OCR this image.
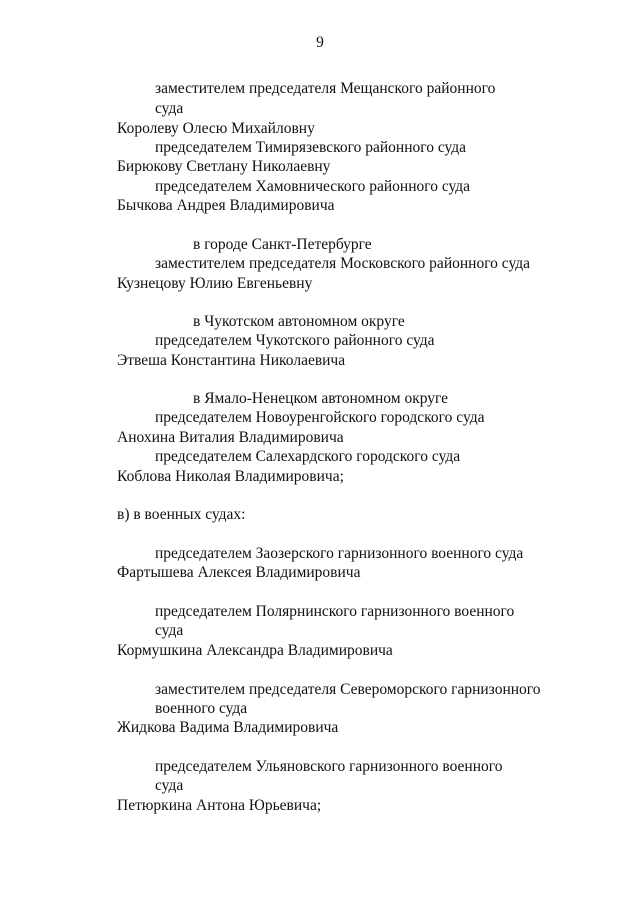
9
заместителем председателя Мещанского районного
суда
Королеву Олесю Михайловну
председателем Тимирязевского районного суда
Бирюкову Светлану Николаевну
председателем Хамовнического районного суда
Бычкова Андрея Владимировича
в городе Санкт-Петербурге
заместителем председателя Московского районного суда
Кузнецову Юлию Евгеньевну
в Чукотском автономном округе
председателем Чукотского районного суда
Этвеша Константина Николаевича
в Ямало-Ненецком автономном округе
председателем Новоуренгойского городского суда
Анохина Виталия Владимировича
председателем Салехардского городского суда
Коблова Николая Владимировича;
в) в военных судах:
председателем Заозерского гарнизонного военного суда
Фартышева Алексея Владимировича
председателем Полярнинского гарнизонного военного
суда
Кормушкина Александра Владимировича
заместителем председателя Североморского гарнизонного
военного суда
Жидкова Вадима Владимировича
председателем Ульяновского гарнизонного военного
суда
Петюркина Антона Юрьевича;
